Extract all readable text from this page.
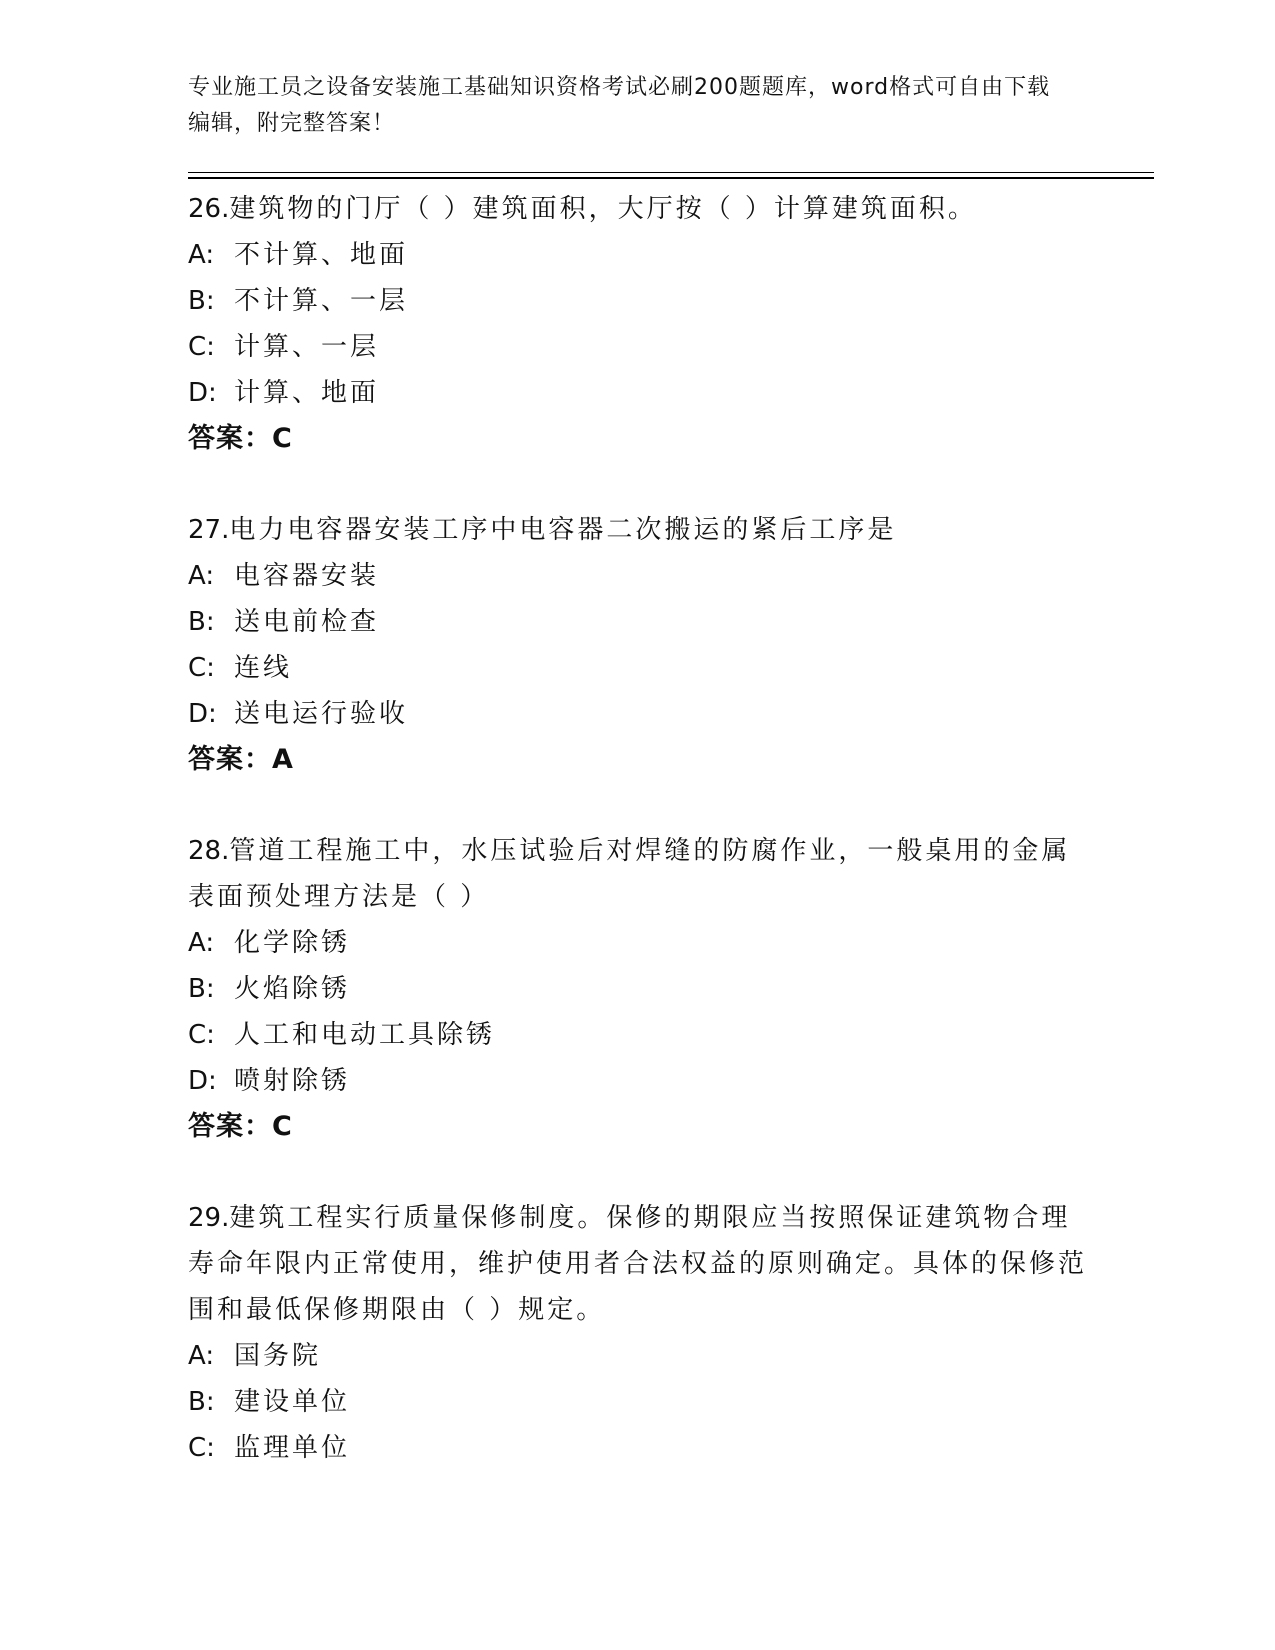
专业施工员之设备安装施工基础知识资格考试必刷200题题库，word格式可自由下载编辑，附完整答案！
26.建筑物的门厅（ ）建筑面积，大厅按（ ）计算建筑面积。
A: 不计算、地面
B: 不计算、一层
C: 计算、一层
D: 计算、地面
答案：C
27.电力电容器安装工序中电容器二次搬运的紧后工序是
A: 电容器安装
B: 送电前检查
C: 连线
D: 送电运行验收
答案：A
28.管道工程施工中，水压试验后对焊缝的防腐作业，一般桌用的金属表面预处理方法是（ ）
A: 化学除锈
B: 火焰除锈
C: 人工和电动工具除锈
D: 喷射除锈
答案：C
29.建筑工程实行质量保修制度。保修的期限应当按照保证建筑物合理寿命年限内正常使用，维护使用者合法权益的原则确定。具体的保修范围和最低保修期限由（ ）规定。
A: 国务院
B: 建设单位
C: 监理单位
